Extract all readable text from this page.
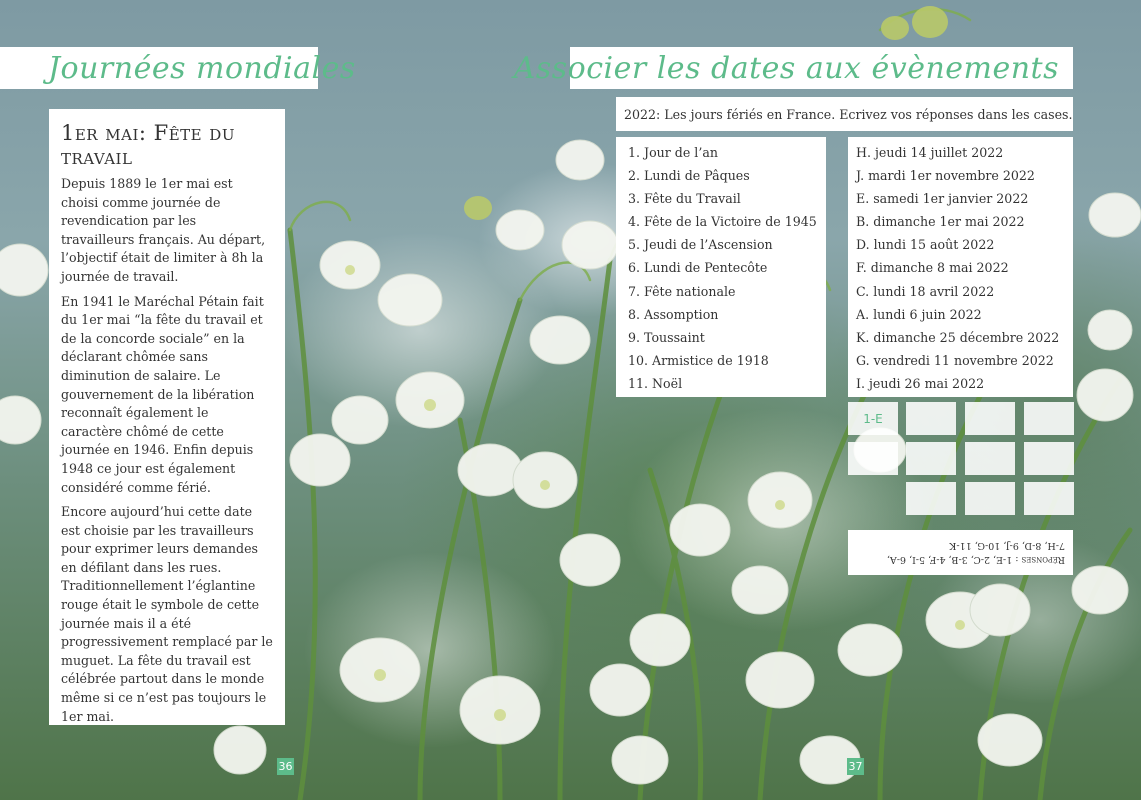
Journées mondiales
1er mai: Fête du travail

Depuis 1889 le 1er mai est choisi comme journée de revendication par les travailleurs français. Au départ, l’objectif était de limiter à 8h la journée de travail.

En 1941 le Maréchal Pétain fait du 1er mai “la fête du travail et de la concorde sociale” en la déclarant chômée sans diminution de salaire. Le gouvernement de la libération reconnaît également le caractère chômé de cette journée en 1946. Enfin depuis 1948 ce jour est également considéré comme férié.

Encore aujourd’hui cette date est choisie par les travailleurs pour exprimer leurs demandes en défilant dans les rues. Traditionnellement l’églantine rouge était le symbole de cette journée mais il a été progressivement remplacé par le muguet. La fête du travail est célébrée partout dans le monde même si ce n’est pas toujours le 1er mai.

36
Associer les dates aux évènements
2022: Les jours fériés en France. Ecrivez vos réponses dans les cases.
1. Jour de l’an
2. Lundi de Pâques
3. Fête du Travail
4. Fête de la Victoire de 1945
5. Jeudi de l’Ascension
6. Lundi de Pentecôte
7. Fête nationale
8. Assomption
9. Toussaint
10. Armistice de 1918
11. Noël
H. jeudi 14 juillet 2022
J. mardi 1er novembre 2022
E. samedi 1er janvier 2022
B. dimanche 1er mai 2022
D. lundi 15 août 2022
F. dimanche 8 mai 2022
C. lundi 18 avril 2022
A. lundi 6 juin 2022
K. dimanche 25 décembre 2022
G. vendredi 11 novembre 2022
I. jeudi 26 mai 2022
1-E
Réponses : 1-E, 2-C, 3-B, 4-F, 5-I, 6-A,
7-H, 8-D, 9-J, 10-G, 11-K
37
